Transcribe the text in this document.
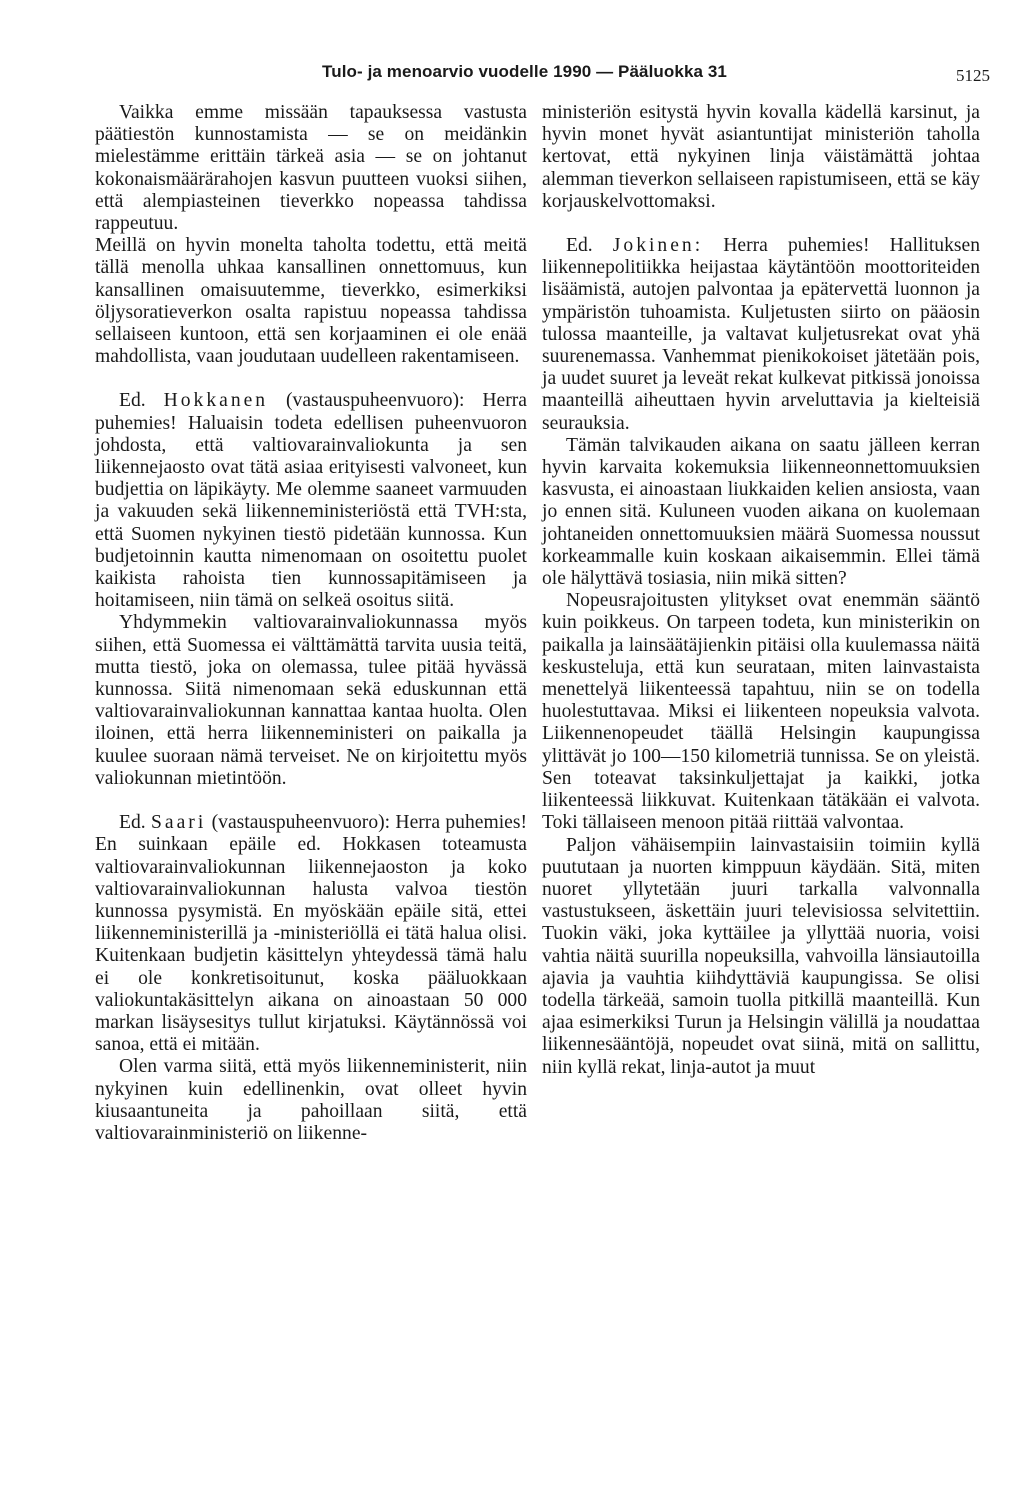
Tulo- ja menoarvio vuodelle 1990 — Pääluokka 31	5125

Vaikka emme missään tapauksessa vastusta päätiestön kunnostamista — se on meidänkin mielestämme erittäin tärkeä asia — se on johtanut kokonaismäärärahojen kasvun puutteen vuoksi siihen, että alempiasteinen tieverkko nopeassa tahdissa rappeutuu.

Meillä on hyvin monelta taholta todettu, että meitä tällä menolla uhkaa kansallinen onnettomuus, kun kansallinen omaisuutemme, tieverkko, esimerkiksi öljysoratieverkon osalta rapistuu nopeassa tahdissa sellaiseen kuntoon, että sen korjaaminen ei ole enää mahdollista, vaan joudutaan uudelleen rakentamiseen.

Ed. Hokkanen (vastauspuheenvuoro): Herra puhemies! Haluaisin todeta edellisen puheenvuoron johdosta, että valtiovarainvaliokunta ja sen liikennejaosto ovat tätä asiaa erityisesti valvoneet, kun budjettia on läpikäyty. Me olemme saaneet varmuuden ja vakuuden sekä liikenneministeriöstä että TVH:sta, että Suomen nykyinen tiestö pidetään kunnossa. Kun budjetoinnin kautta nimenomaan on osoitettu puolet kaikista rahoista tien kunnossapitämiseen ja hoitamiseen, niin tämä on selkeä osoitus siitä.

Yhdymmekin valtiovarainvaliokunnassa myös siihen, että Suomessa ei välttämättä tarvita uusia teitä, mutta tiestö, joka on olemassa, tulee pitää hyvässä kunnossa. Siitä nimenomaan sekä eduskunnan että valtiovarainvaliokunnan kannattaa kantaa huolta. Olen iloinen, että herra liikenneministeri on paikalla ja kuulee suoraan nämä terveiset. Ne on kirjoitettu myös valiokunnan mietintöön.

Ed. Saari (vastauspuheenvuoro): Herra puhemies! En suinkaan epäile ed. Hokkasen toteamusta valtiovarainvaliokunnan liikennejaoston ja koko valtiovarainvaliokunnan halusta valvoa tiestön kunnossa pysymistä. En myöskään epäile sitä, ettei liikenneministerillä ja -ministeriöllä ei tätä halua olisi. Kuitenkaan budjetin käsittelyn yhteydessä tämä halu ei ole konkretisoitunut, koska pääluokkaan valiokuntakäsittelyn aikana on ainoastaan 50 000 markan lisäysesitys tullut kirjatuksi. Käytännössä voi sanoa, että ei mitään.

Olen varma siitä, että myös liikenneministerit, niin nykyinen kuin edellinenkin, ovat olleet hyvin kiusaantuneita ja pahoillaan siitä, että valtiovarainministeriö on liikenne-

ministeriön esitystä hyvin kovalla kädellä karsinut, ja hyvin monet hyvät asiantuntijat ministeriön taholla kertovat, että nykyinen linja väistämättä johtaa alemman tieverkon sellaiseen rapistumiseen, että se käy korjauskelvottomaksi.

Ed. Jokinen: Herra puhemies! Hallituksen liikennepolitiikka heijastaa käytäntöön moottoriteiden lisäämistä, autojen palvontaa ja epätervettä luonnon ja ympäristön tuhoamista. Kuljetusten siirto on pääosin tulossa maanteille, ja valtavat kuljetusrekat ovat yhä suurenemassa. Vanhemmat pienikokoiset jätetään pois, ja uudet suuret ja leveät rekat kulkevat pitkissä jonoissa maanteillä aiheuttaen hyvin arveluttavia ja kielteisiä seurauksia.

Tämän talvikauden aikana on saatu jälleen kerran hyvin karvaita kokemuksia liikenneonnettomuuksien kasvusta, ei ainoastaan liukkaiden kelien ansiosta, vaan jo ennen sitä. Kuluneen vuoden aikana on kuolemaan johtaneiden onnettomuuksien määrä Suomessa noussut korkeammalle kuin koskaan aikaisemmin. Ellei tämä ole hälyttävä tosiasia, niin mikä sitten?

Nopeusrajoitusten ylitykset ovat enemmän sääntö kuin poikkeus. On tarpeen todeta, kun ministerikin on paikalla ja lainsäätäjienkin pitäisi olla kuulemassa näitä keskusteluja, että kun seurataan, miten lainvastaista menettelyä liikenteessä tapahtuu, niin se on todella huolestuttavaa. Miksi ei liikenteen nopeuksia valvota. Liikennenopeudet täällä Helsingin kaupungissa ylittävät jo 100—150 kilometriä tunnissa. Se on yleistä. Sen toteavat taksinkuljettajat ja kaikki, jotka liikenteessä liikkuvat. Kuitenkaan tätäkään ei valvota. Toki tällaiseen menoon pitää riittää valvontaa.

Paljon vähäisempiin lainvastaisiin toimiin kyllä puututaan ja nuorten kimppuun käydään. Sitä, miten nuoret yllytetään juuri tarkalla valvonnalla vastustukseen, äskettäin juuri televisiossa selvitettiin. Tuokin väki, joka kyttäilee ja yllyttää nuoria, voisi vahtia näitä suurilla nopeuksilla, vahvoilla länsiautoilla ajavia ja vauhtia kiihdyttäviä kaupungissa. Se olisi todella tärkeää, samoin tuolla pitkillä maanteillä. Kun ajaa esimerkiksi Turun ja Helsingin välillä ja noudattaa liikennesääntöjä, nopeudet ovat siinä, mitä on sallittu, niin kyllä rekat, linja-autot ja muut
